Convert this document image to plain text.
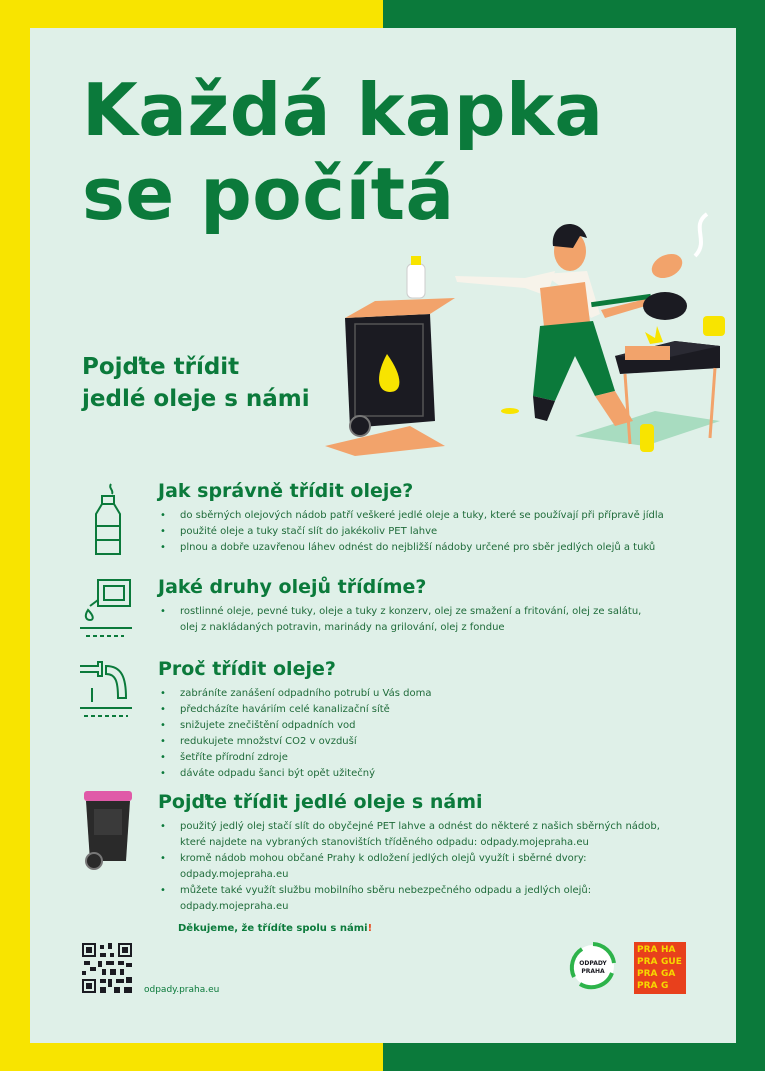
Každá kapka
se počítá

Pojďte třídit
jedlé oleje s námi

Jak správně třídit oleje?

• do sběrných olejových nádob patří veškeré jedlé oleje a tuky, které se používají při přípravě jídla
• použité oleje a tuky stačí slít do jakékoliv PET lahve
• plnou a dobře uzavřenou láhev odnést do nejbližší nádoby určené pro sběr jedlých olejů a tuků

Jaké druhy olejů třídíme?

• rostlinné oleje, pevné tuky, oleje a tuky z konzerv, olej ze smažení a fritování, olej ze salátu, olej z nakládaných potravin, marinády na grilování, olej z fondue

Proč třídit oleje?

• zabráníte zanášení odpadního potrubí u Vás doma
• předcházíte haváriím celé kanalizační sítě
• snižujete znečištění odpadních vod
• redukujete množství CO2 v ovzduší
• šetříte přírodní zdroje
• dáváte odpadu šanci být opět užitečný

Pojďte třídit jedlé oleje s námi

• použitý jedlý olej stačí slít do obyčejné PET lahve a odnést do některé z našich sběrných nádob, které najdete na vybraných stanovištích tříděného odpadu: odpady.mojepraha.eu
• kromě nádob mohou občané Prahy k odložení jedlých olejů využít i sběrné dvory: odpady.mojepraha.eu
• můžete také využít službu mobilního sběru nebezpečného odpadu a jedlých olejů: odpady.mojepraha.eu

Děkujeme, že třídíte spolu s námi!

odpady.praha.eu

ODPADY
PRAHA
PRA HA
PRA GUE
PRA GA
PRA G
